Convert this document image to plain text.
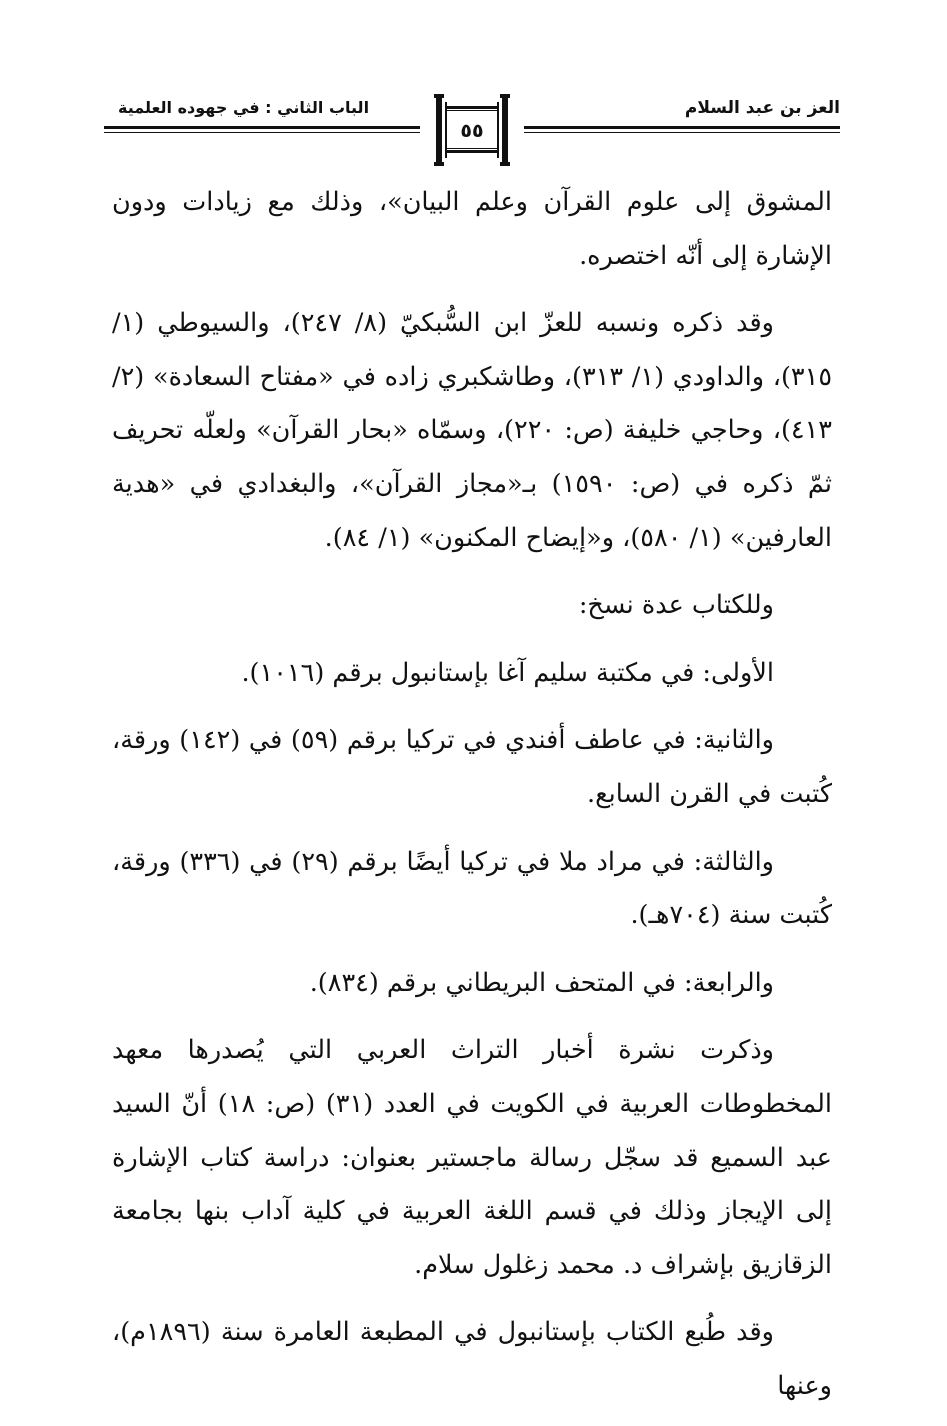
العز بن عبد السلام
الباب الثاني : في جهوده العلمية
٥٥

المشوق إلى علوم القرآن وعلم البيان»، وذلك مع زيادات ودون الإشارة إلى أنّه اختصره.

وقد ذكره ونسبه للعزّ ابن السُّبكيّ (٨/ ٢٤٧)، والسيوطي (١/ ٣١٥)، والداودي (١/ ٣١٣)، وطاشكبري زاده في «مفتاح السعادة» (٢/ ٤١٣)، وحاجي خليفة (ص: ٢٢٠)، وسمّاه «بحار القرآن» ولعلّه تحريف ثمّ ذكره في (ص: ١٥٩٠) بـ«مجاز القرآن»، والبغدادي في «هدية العارفين» (١/ ٥٨٠)، و«إيضاح المكنون» (١/ ٨٤).

وللكتاب عدة نسخ:

الأولى: في مكتبة سليم آغا بإستانبول برقم (١٠١٦).

والثانية: في عاطف أفندي في تركيا برقم (٥٩) في (١٤٢) ورقة، كُتبت في القرن السابع.

والثالثة: في مراد ملا في تركيا أيضًا برقم (٢٩) في (٣٣٦) ورقة، كُتبت سنة (٧٠٤هـ).

والرابعة: في المتحف البريطاني برقم (٨٣٤).

وذكرت نشرة أخبار التراث العربي التي يُصدرها معهد المخطوطات العربية في الكويت في العدد (٣١) (ص: ١٨) أنّ السيد عبد السميع قد سجّل رسالة ماجستير بعنوان: دراسة كتاب الإشارة إلى الإيجاز وذلك في قسم اللغة العربية في كلية آداب بنها بجامعة الزقازيق بإشراف د. محمد زغلول سلام.

وقد طُبع الكتاب بإستانبول في المطبعة العامرة سنة (١٨٩٦م)، وعنها
